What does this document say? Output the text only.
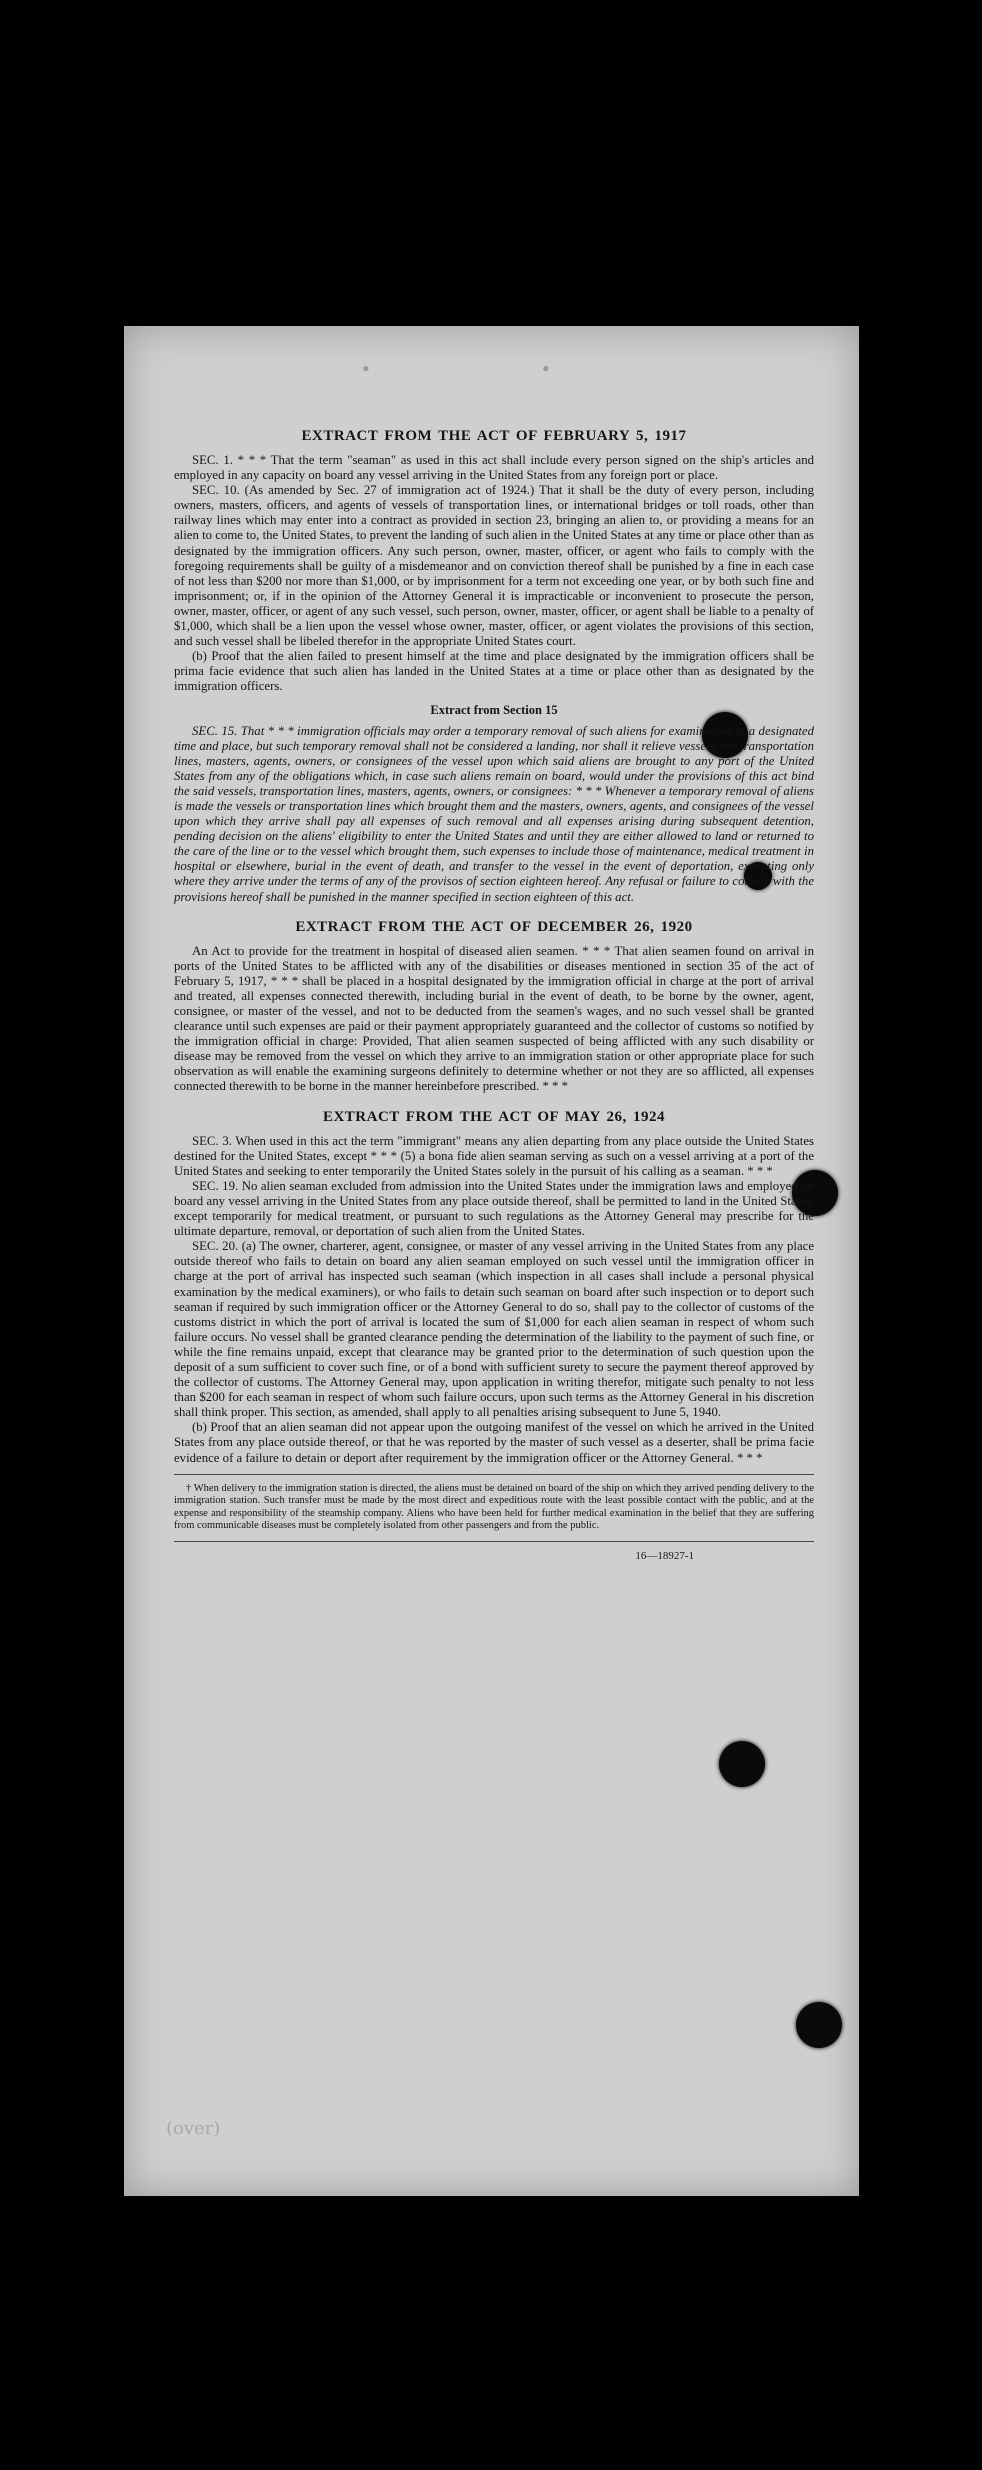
•	•
(over)
EXTRACT FROM THE ACT OF FEBRUARY 5, 1917

SEC. 1. * * * That the term "seaman" as used in this act shall include every person signed on the ship's articles and employed in any capacity on board any vessel arriving in the United States from any foreign port or place.

SEC. 10. (As amended by Sec. 27 of immigration act of 1924.) That it shall be the duty of every person, including owners, masters, officers, and agents of vessels of transportation lines, or international bridges or toll roads, other than railway lines which may enter into a contract as provided in section 23, bringing an alien to, or providing a means for an alien to come to, the United States, to prevent the landing of such alien in the United States at any time or place other than as designated by the immigration officers. Any such person, owner, master, officer, or agent who fails to comply with the foregoing requirements shall be guilty of a misdemeanor and on conviction thereof shall be punished by a fine in each case of not less than $200 nor more than $1,000, or by imprisonment for a term not exceeding one year, or by both such fine and imprisonment; or, if in the opinion of the Attorney General it is impracticable or inconvenient to prosecute the person, owner, master, officer, or agent of any such vessel, such person, owner, master, officer, or agent shall be liable to a penalty of $1,000, which shall be a lien upon the vessel whose owner, master, officer, or agent violates the provisions of this section, and such vessel shall be libeled therefor in the appropriate United States court.

(b) Proof that the alien failed to present himself at the time and place designated by the immigration officers shall be prima facie evidence that such alien has landed in the United States at a time or place other than as designated by the immigration officers.

Extract from Section 15

SEC. 15. That * * * immigration officials may order a temporary removal of such aliens for examination at a designated time and place, but such temporary removal shall not be considered a landing, nor shall it relieve vessels, the transportation lines, masters, agents, owners, or consignees of the vessel upon which said aliens are brought to any port of the United States from any of the obligations which, in case such aliens remain on board, would under the provisions of this act bind the said vessels, transportation lines, masters, agents, owners, or consignees: * * * Whenever a temporary removal of aliens is made the vessels or transportation lines which brought them and the masters, owners, agents, and consignees of the vessel upon which they arrive shall pay all expenses of such removal and all expenses arising during subsequent detention, pending decision on the aliens' eligibility to enter the United States and until they are either allowed to land or returned to the care of the line or to the vessel which brought them, such expenses to include those of maintenance, medical treatment in hospital or elsewhere, burial in the event of death, and transfer to the vessel in the event of deportation, excepting only where they arrive under the terms of any of the provisos of section eighteen hereof. Any refusal or failure to comply with the provisions hereof shall be punished in the manner specified in section eighteen of this act.

EXTRACT FROM THE ACT OF DECEMBER 26, 1920

An Act to provide for the treatment in hospital of diseased alien seamen. * * * That alien seamen found on arrival in ports of the United States to be afflicted with any of the disabilities or diseases mentioned in section 35 of the act of February 5, 1917, * * * shall be placed in a hospital designated by the immigration official in charge at the port of arrival and treated, all expenses connected therewith, including burial in the event of death, to be borne by the owner, agent, consignee, or master of the vessel, and not to be deducted from the seamen's wages, and no such vessel shall be granted clearance until such expenses are paid or their payment appropriately guaranteed and the collector of customs so notified by the immigration official in charge: Provided, That alien seamen suspected of being afflicted with any such disability or disease may be removed from the vessel on which they arrive to an immigration station or other appropriate place for such observation as will enable the examining surgeons definitely to determine whether or not they are so afflicted, all expenses connected therewith to be borne in the manner hereinbefore prescribed. * * *

EXTRACT FROM THE ACT OF MAY 26, 1924

SEC. 3. When used in this act the term "immigrant" means any alien departing from any place outside the United States destined for the United States, except * * * (5) a bona fide alien seaman serving as such on a vessel arriving at a port of the United States and seeking to enter temporarily the United States solely in the pursuit of his calling as a seaman. * * *

SEC. 19. No alien seaman excluded from admission into the United States under the immigration laws and employed on board any vessel arriving in the United States from any place outside thereof, shall be permitted to land in the United States, except temporarily for medical treatment, or pursuant to such regulations as the Attorney General may prescribe for the ultimate departure, removal, or deportation of such alien from the United States.

SEC. 20. (a) The owner, charterer, agent, consignee, or master of any vessel arriving in the United States from any place outside thereof who fails to detain on board any alien seaman employed on such vessel until the immigration officer in charge at the port of arrival has inspected such seaman (which inspection in all cases shall include a personal physical examination by the medical examiners), or who fails to detain such seaman on board after such inspection or to deport such seaman if required by such immigration officer or the Attorney General to do so, shall pay to the collector of customs of the customs district in which the port of arrival is located the sum of $1,000 for each alien seaman in respect of whom such failure occurs. No vessel shall be granted clearance pending the determination of the liability to the payment of such fine, or while the fine remains unpaid, except that clearance may be granted prior to the determination of such question upon the deposit of a sum sufficient to cover such fine, or of a bond with sufficient surety to secure the payment thereof approved by the collector of customs. The Attorney General may, upon application in writing therefor, mitigate such penalty to not less than $200 for each seaman in respect of whom such failure occurs, upon such terms as the Attorney General in his discretion shall think proper. This section, as amended, shall apply to all penalties arising subsequent to June 5, 1940.

(b) Proof that an alien seaman did not appear upon the outgoing manifest of the vessel on which he arrived in the United States from any place outside thereof, or that he was reported by the master of such vessel as a deserter, shall be prima facie evidence of a failure to detain or deport after requirement by the immigration officer or the Attorney General. * * *

† When delivery to the immigration station is directed, the aliens must be detained on board of the ship on which they arrived pending delivery to the immigration station. Such transfer must be made by the most direct and expeditious route with the least possible contact with the public, and at the expense and responsibility of the steamship company. Aliens who have been held for further medical examination in the belief that they are suffering from communicable diseases must be completely isolated from other passengers and from the public.
16—18927-1
